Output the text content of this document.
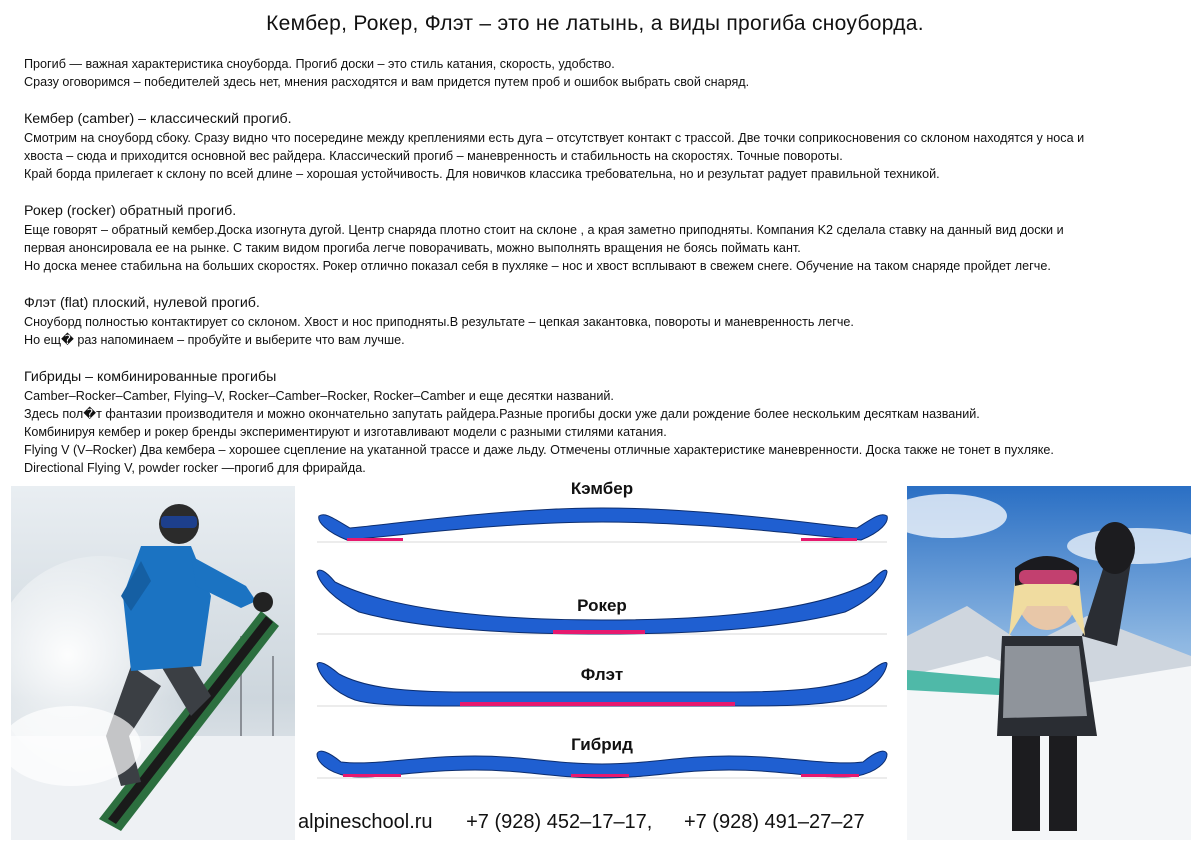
Кембер, Рокер, Флэт – это не латынь, а виды прогиба сноуборда.

Прогиб — важная характеристика сноуборда. Прогиб доски – это стиль катания, скорость, удобство.

Сразу оговоримся – победителей здесь нет, мнения расходятся и вам придется путем проб и ошибок выбрать свой снаряд.

Кембер (camber) – классический прогиб.

Смотрим на сноуборд сбоку. Сразу видно что посередине между креплениями есть дуга – отсутствует контакт с трассой. Две точки соприкосновения со склоном находятся у носа и

хвоста – сюда и приходится основной вес райдера. Классический прогиб – маневренность и стабильность на скоростях. Точные повороты.

Край борда прилегает к склону по всей длине – хорошая устойчивость. Для новичков классика требовательна, но и результат радует правильной техникой.

Рокер (rocker) обратный прогиб.

Еще говорят – обратный кембер.Доска изогнута дугой. Центр снаряда плотно стоит на склоне , а края заметно приподняты. Компания K2 сделала ставку на данный вид доски и

первая анонсировала ее на рынке. С таким видом прогиба легче поворачивать, можно выполнять вращения не боясь поймать кант.

Но доска менее стабильна на больших скоростях. Рокер отлично показал себя в пухляке – нос и хвост всплывают в свежем снеге. Обучение на таком снаряде пройдет легче.

Флэт (flat) плоский, нулевой прогиб.

Сноуборд полностью контактирует со склоном. Хвост и нос приподняты.В результате – цепкая закантовка, повороты и маневренность легче.

Но ещ� раз напоминаем – пробуйте и выберите что вам лучше.

Гибриды – комбинированные прогибы

Camber–Rocker–Camber, Flying–V, Rocker–Camber–Rocker, Rocker–Camber и еще десятки названий.

Здесь пол�т фантазии производителя и можно окончательно запутать райдера.Разные прогибы доски уже дали рождение более нескольким десяткам названий.

Комбинируя кембер и рокер бренды экспериментируют и изготавливают модели с разными стилями катания.

Flying V (V–Rocker) Два кембера – хорошее сцепление на укатанной трассе и даже льду. Отмечены отличные характеристике маневренности. Доска также не тонет в пухляке.

Directional Flying V, powder rocker —прогиб для фрирайда.

Кэмбер
Рокер
Флэт
Гибрид
alpineschool.ru +7 (928) 452–17–17, +7 (928) 491–27–27
